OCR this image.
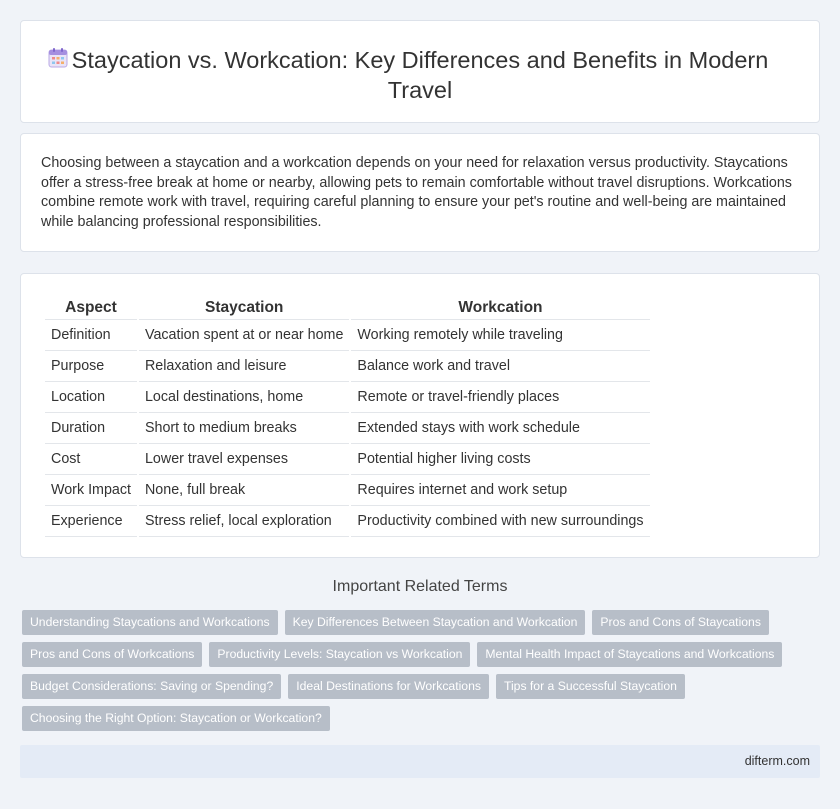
Staycation vs. Workcation: Key Differences and Benefits in Modern Travel

Choosing between a staycation and a workcation depends on your need for relaxation versus productivity. Staycations offer a stress-free break at home or nearby, allowing pets to remain comfortable without travel disruptions. Workcations combine remote work with travel, requiring careful planning to ensure your pet's routine and well-being are maintained while balancing professional responsibilities.

Aspect	Staycation	Workcation
Definition	Vacation spent at or near home	Working remotely while traveling
Purpose	Relaxation and leisure	Balance work and travel
Location	Local destinations, home	Remote or travel-friendly places
Duration	Short to medium breaks	Extended stays with work schedule
Cost	Lower travel expenses	Potential higher living costs
Work Impact	None, full break	Requires internet and work setup
Experience	Stress relief, local exploration	Productivity combined with new surroundings
Important Related Terms
Understanding Staycations and Workcations Key Differences Between Staycation and Workcation Pros and Cons of Staycations
Pros and Cons of Workcations Productivity Levels: Staycation vs Workcation Mental Health Impact of Staycations and Workcations
Budget Considerations: Saving or Spending? Ideal Destinations for Workcations Tips for a Successful Staycation
Choosing the Right Option: Staycation or Workcation?
difterm.com
